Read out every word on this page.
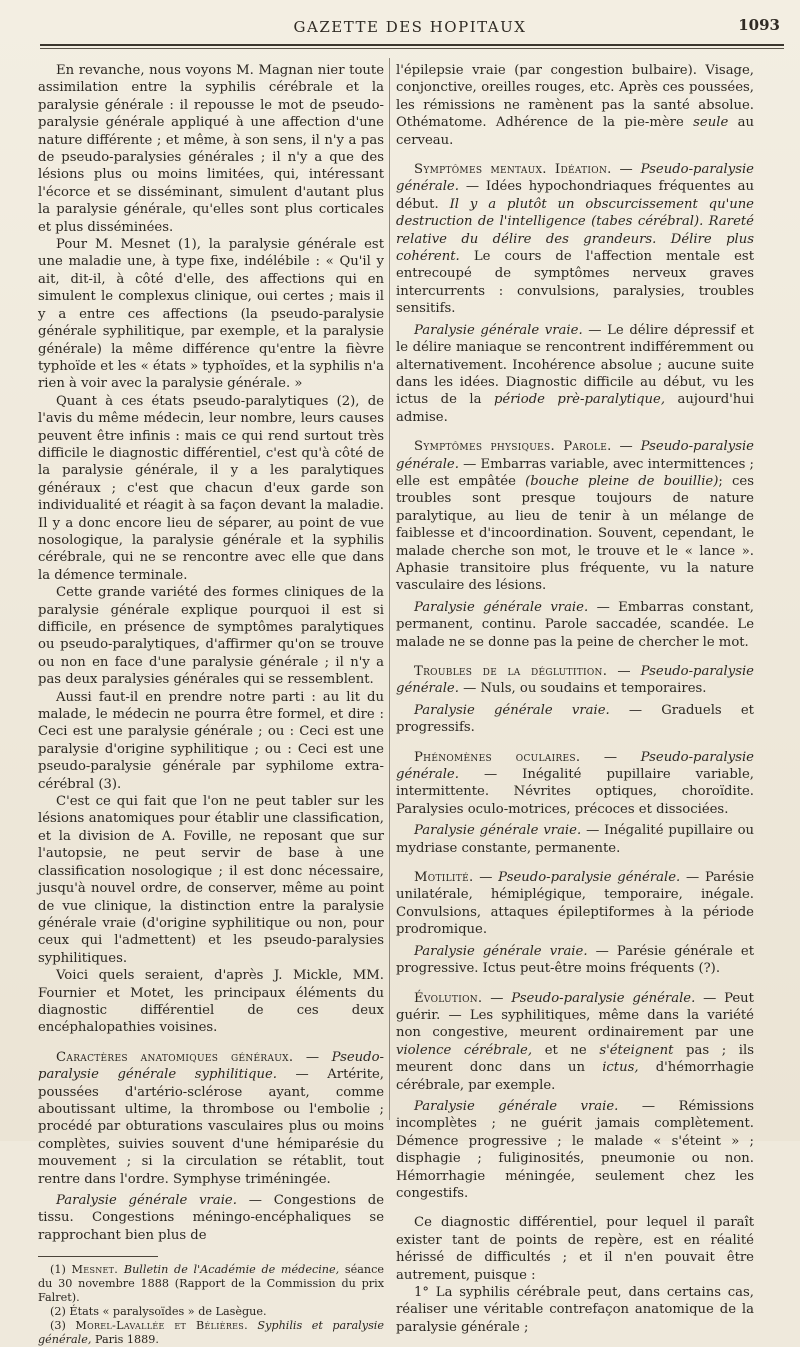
GAZETTE DES HOPITAUX	1093

En revanche, nous voyons M. Magnan nier toute assimilation entre la syphilis cérébrale et la paralysie générale : il repousse le mot de pseudo-paralysie générale appliqué à une affection d'une nature différente ; et même, à son sens, il n'y a pas de pseudo-paralysies générales ; il n'y a que des lésions plus ou moins limitées, qui, intéressant l'écorce et se disséminant, simulent d'autant plus la paralysie générale, qu'elles sont plus corticales et plus disséminées.

Pour M. Mesnet (1), la paralysie générale est une maladie une, à type fixe, indélébile : « Qu'il y ait, dit-il, à côté d'elle, des affections qui en simulent le complexus clinique, oui certes ; mais il y a entre ces affections (la pseudo-paralysie générale syphilitique, par exemple, et la paralysie générale) la même différence qu'entre la fièvre typhoïde et les « états » typhoïdes, et la syphilis n'a rien à voir avec la paralysie générale. »

Quant à ces états pseudo-paralytiques (2), de l'avis du même médecin, leur nombre, leurs causes peuvent être infinis : mais ce qui rend surtout très difficile le diagnostic différentiel, c'est qu'à côté de la paralysie générale, il y a les paralytiques généraux ; c'est que chacun d'eux garde son individualité et réagit à sa façon devant la maladie. Il y a donc encore lieu de séparer, au point de vue nosologique, la paralysie générale et la syphilis cérébrale, qui ne se rencontre avec elle que dans la démence terminale.

Cette grande variété des formes cliniques de la paralysie générale explique pourquoi il est si difficile, en présence de symptômes paralytiques ou pseudo-paralytiques, d'affirmer qu'on se trouve ou non en face d'une paralysie générale ; il n'y a pas deux paralysies générales qui se ressemblent.

Aussi faut-il en prendre notre parti : au lit du malade, le médecin ne pourra être formel, et dire : Ceci est une paralysie générale ; ou : Ceci est une paralysie d'origine syphilitique ; ou : Ceci est une pseudo-paralysie générale par syphilome extra-cérébral (3).

C'est ce qui fait que l'on ne peut tabler sur les lésions anatomiques pour établir une classification, et la division de A. Foville, ne reposant que sur l'autopsie, ne peut servir de base à une classification nosologique ; il est donc nécessaire, jusqu'à nouvel ordre, de conserver, même au point de vue clinique, la distinction entre la paralysie générale vraie (d'origine syphilitique ou non, pour ceux qui l'admettent) et les pseudo-paralysies syphilitiques.

Voici quels seraient, d'après J. Mickle, MM. Fournier et Motet, les principaux éléments du diagnostic différentiel de ces deux encéphalopathies voisines.

Caractères anatomiques généraux. — Pseudo-paralysie générale syphilitique. — Artérite, poussées d'artério-sclérose ayant, comme aboutissant ultime, la thrombose ou l'embolie ; procédé par obturations vasculaires plus ou moins complètes, suivies souvent d'une hémiparésie du mouvement ; si la circulation se rétablit, tout rentre dans l'ordre. Symphyse triméningée.

Paralysie générale vraie. — Congestions de tissu. Congestions méningo-encéphaliques se rapprochant bien plus de

(1) Mesnet. Bulletin de l'Académie de médecine, séance du 30 novembre 1888 (Rapport de la Commission du prix Falret).

(2) États « paralysoïdes » de Lasègue.

(3) Morel-Lavallée et Bélières. Syphilis et paralysie générale, Paris 1889.

l'épilepsie vraie (par congestion bulbaire). Visage, conjonctive, oreilles rouges, etc. Après ces poussées, les rémissions ne ramènent pas la santé absolue. Othématome. Adhérence de la pie-mère seule au cerveau.

Symptômes mentaux. Idéation. — Pseudo-paralysie générale. — Idées hypochondriaques fréquentes au début. Il y a plutôt un obscurcissement qu'une destruction de l'intelligence (tabes cérébral). Rareté relative du délire des grandeurs. Délire plus cohérent. Le cours de l'affection mentale est entrecoupé de symptômes nerveux graves intercurrents : convulsions, paralysies, troubles sensitifs.

Paralysie générale vraie. — Le délire dépressif et le délire maniaque se rencontrent indifféremment ou alternativement. Incohérence absolue ; aucune suite dans les idées. Diagnostic difficile au début, vu les ictus de la période prè-paralytique, aujourd'hui admise.

Symptômes physiques. Parole. — Pseudo-paralysie générale. — Embarras variable, avec intermittences ; elle est empâtée (bouche pleine de bouillie); ces troubles sont presque toujours de nature paralytique, au lieu de tenir à un mélange de faiblesse et d'incoordination. Souvent, cependant, le malade cherche son mot, le trouve et le « lance ». Aphasie transitoire plus fréquente, vu la nature vasculaire des lésions.

Paralysie générale vraie. — Embarras constant, permanent, continu. Parole saccadée, scandée. Le malade ne se donne pas la peine de chercher le mot.

Troubles de la déglutition. — Pseudo-paralysie générale. — Nuls, ou soudains et temporaires.

Paralysie générale vraie. — Graduels et progressifs.

Phénomènes oculaires. — Pseudo-paralysie générale. — Inégalité pupillaire variable, intermittente. Névrites optiques, choroïdite. Paralysies oculo-motrices, précoces et dissociées.

Paralysie générale vraie. — Inégalité pupillaire ou mydriase constante, permanente.

Motilité. — Pseudo-paralysie générale. — Parésie unilatérale, hémiplégique, temporaire, inégale. Convulsions, attaques épileptiformes à la période prodromique.

Paralysie générale vraie. — Parésie générale et progressive. Ictus peut-être moins fréquents (?).

Évolution. — Pseudo-paralysie générale. — Peut guérir. — Les syphilitiques, même dans la variété non congestive, meurent ordinairement par une violence cérébrale, et ne s'éteignent pas ; ils meurent donc dans un ictus, d'hémorrhagie cérébrale, par exemple.

Paralysie générale vraie. — Rémissions incomplètes ; ne guérit jamais complètement. Démence progressive ; le malade « s'éteint » ; disphagie ; fuliginosités, pneumonie ou non. Hémorrhagie méningée, seulement chez les congestifs.

Ce diagnostic différentiel, pour lequel il paraît exister tant de points de repère, est en réalité hérissé de difficultés ; et il n'en pouvait être autrement, puisque :

1° La syphilis cérébrale peut, dans certains cas, réaliser une véritable contrefaçon anatomique de la paralysie générale ;
